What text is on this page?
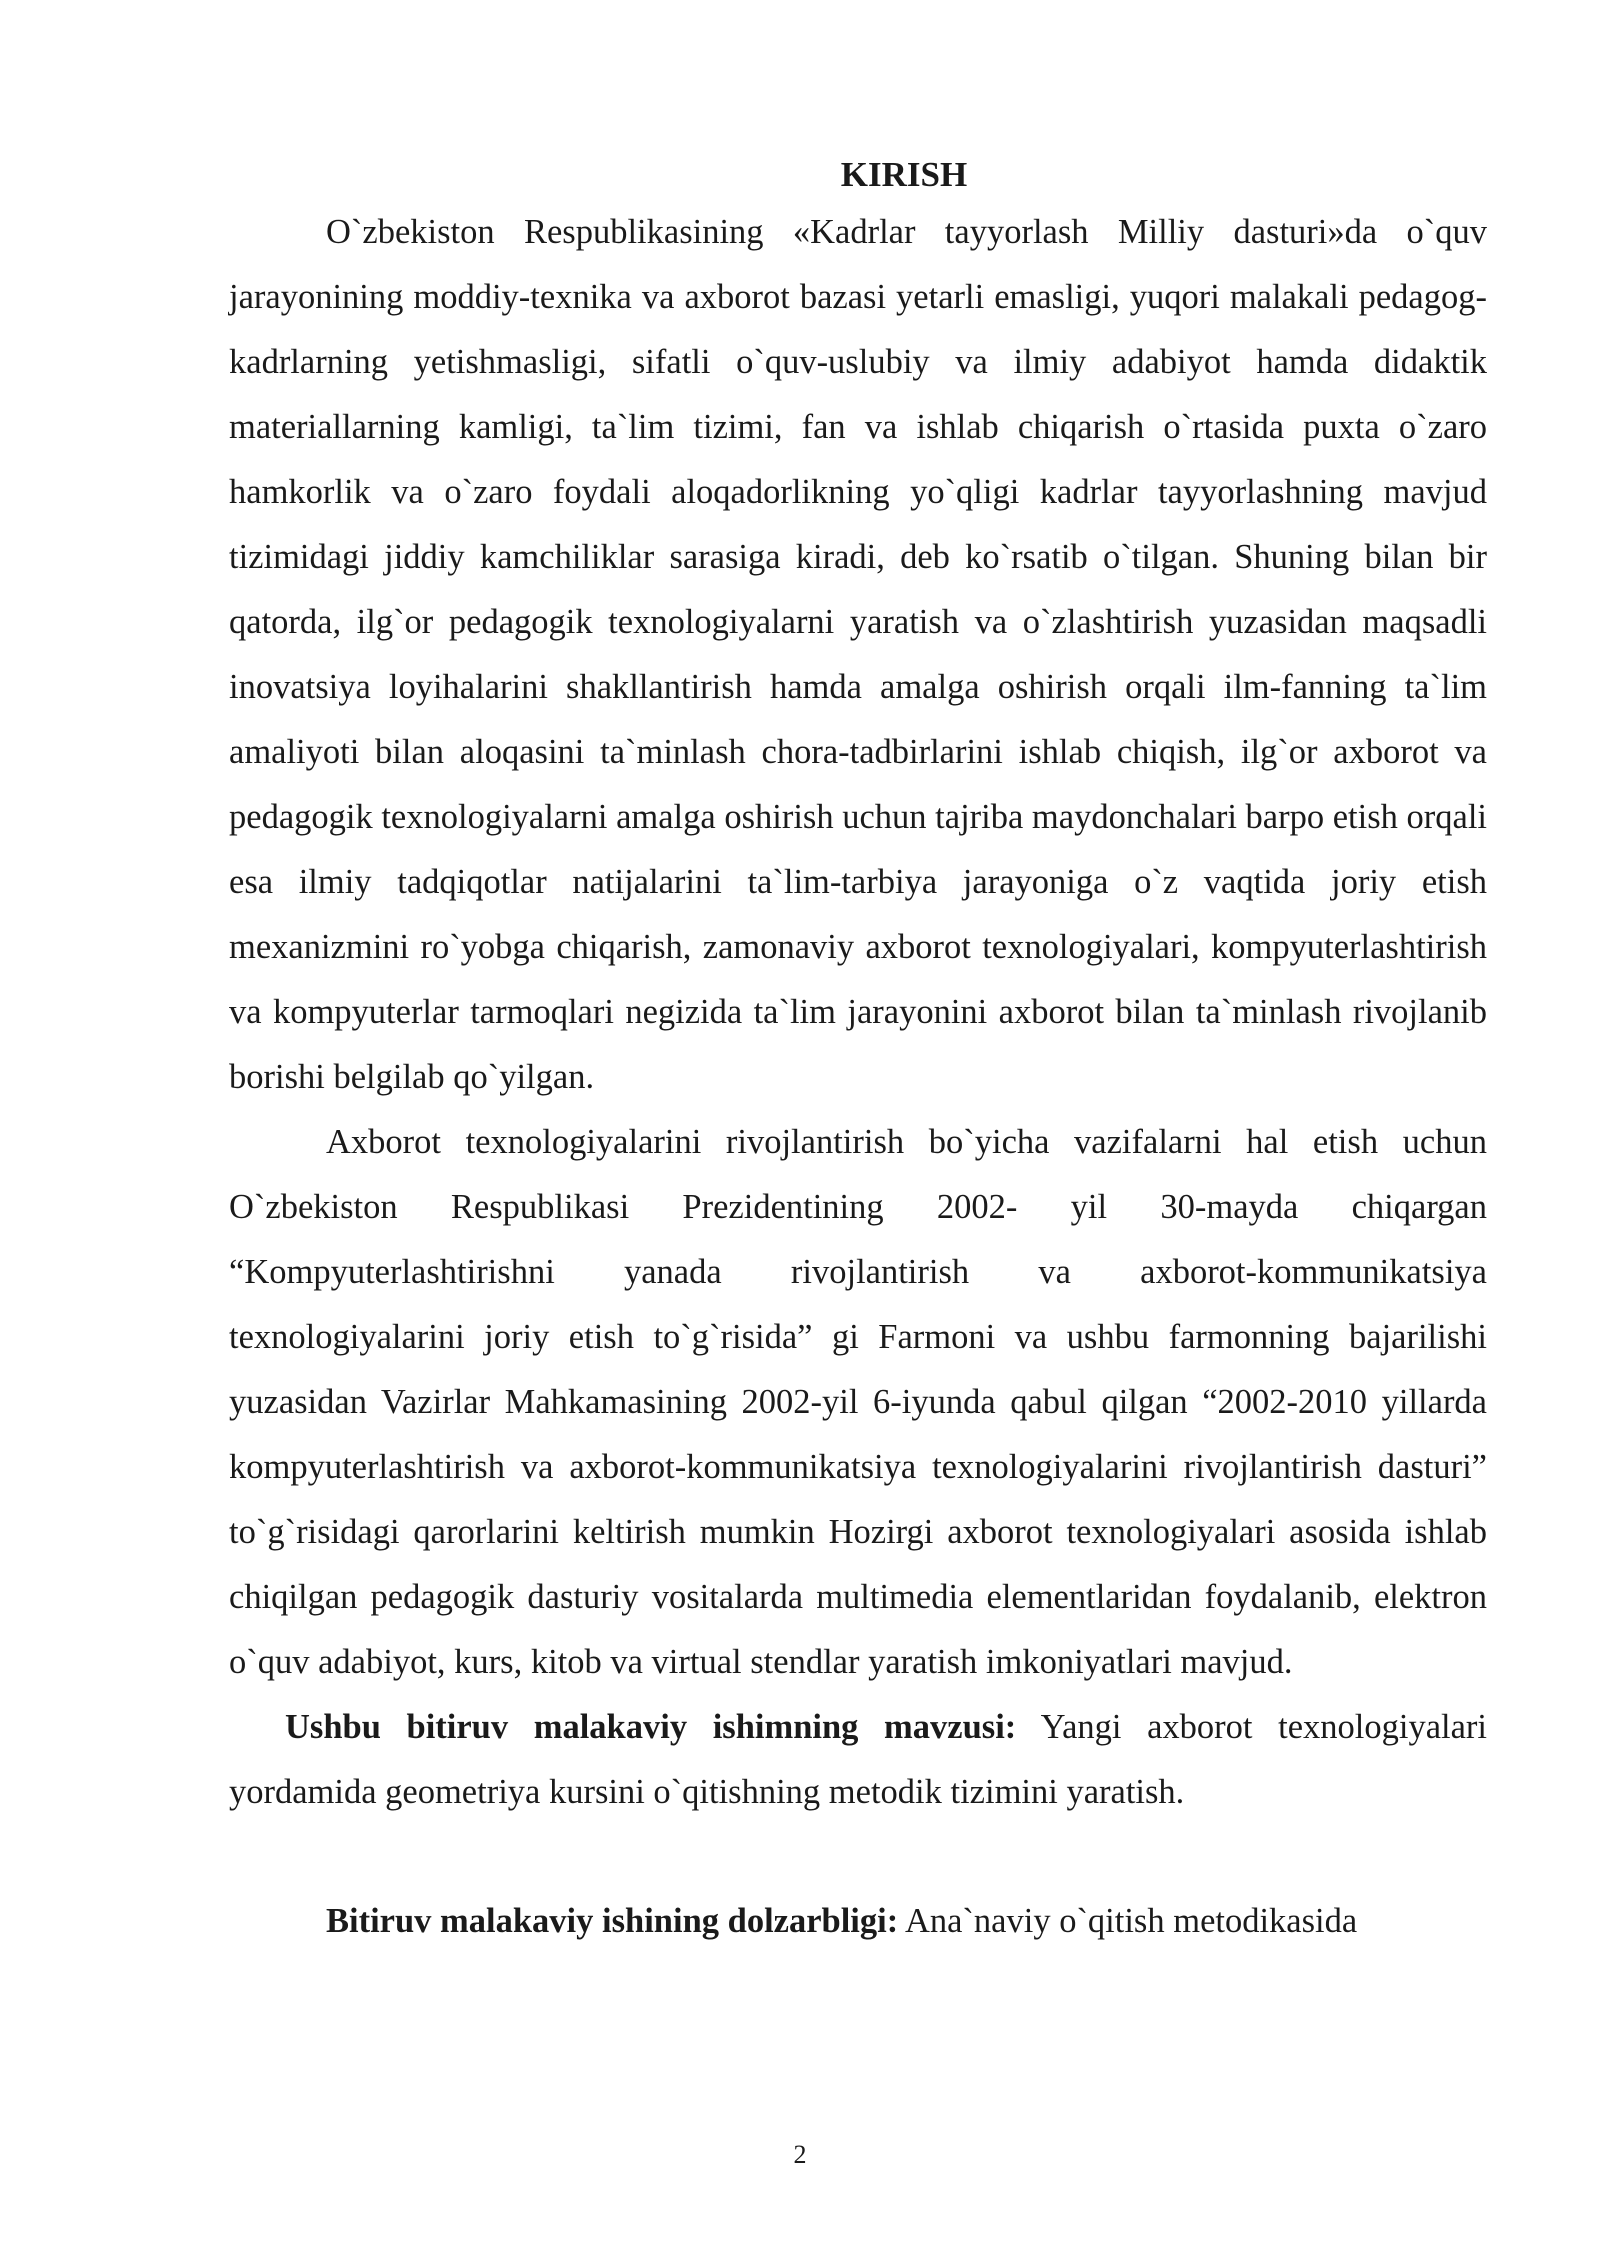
KIRISH

O`zbekiston Respublikasining «Kadrlar tayyorlash Milliy dasturi»da o`quv jarayonining moddiy-texnika va axborot bazasi yetarli emasligi, yuqori malakali pedagog-kadrlarning yetishmasligi, sifatli o`quv-uslubiy va ilmiy adabiyot hamda didaktik materiallarning kamligi, ta`lim tizimi, fan va ishlab chiqarish o`rtasida puxta o`zaro hamkorlik va o`zaro foydali aloqadorlikning yo`qligi kadrlar tayyorlashning mavjud tizimidagi jiddiy kamchiliklar sarasiga kiradi, deb ko`rsatib o`tilgan. Shuning bilan bir qatorda, ilg`or pedagogik texnologiyalarni yaratish va o`zlashtirish yuzasidan maqsadli inovatsiya loyihalarini shakllantirish hamda amalga oshirish orqali ilm-fanning ta`lim amaliyoti bilan aloqasini ta`minlash chora-tadbirlarini ishlab chiqish, ilg`or axborot va pedagogik texnologiyalarni amalga oshirish uchun tajriba maydonchalari barpo etish orqali esa ilmiy tadqiqotlar natijalarini ta`lim-tarbiya jarayoniga o`z vaqtida joriy etish mexanizmini ro`yobga chiqarish, zamonaviy axborot texnologiyalari, kompyuterlashtirish va kompyuterlar tarmoqlari negizida ta`lim jarayonini axborot bilan ta`minlash rivojlanib borishi belgilab qo`yilgan.

Axborot texnologiyalarini rivojlantirish bo`yicha vazifalarni hal etish uchun O`zbekiston Respublikasi Prezidentining 2002- yil 30-mayda chiqargan “Kompyuterlashtirishni yanada rivojlantirish va axborot-kommunikatsiya texnologiyalarini joriy etish to`g`risida” gi Farmoni va ushbu farmonning bajarilishi yuzasidan Vazirlar Mahkamasining 2002-yil 6-iyunda qabul qilgan “2002-2010 yillarda kompyuterlashtirish va axborot-kommunikatsiya texnologiyalarini rivojlantirish dasturi” to`g`risidagi qarorlarini keltirish mumkin Hozirgi axborot texnologiyalari asosida ishlab chiqilgan pedagogik dasturiy vositalarda multimedia elementlaridan foydalanib, elektron o`quv adabiyot, kurs, kitob va virtual stendlar yaratish imkoniyatlari mavjud.

Ushbu bitiruv malakaviy ishimning mavzusi: Yangi axborot texnologiyalari yordamida geometriya kursini o`qitishning metodik tizimini yaratish.

Bitiruv malakaviy ishining dolzarbligi: Ana`naviy o`qitish metodikasida

2
